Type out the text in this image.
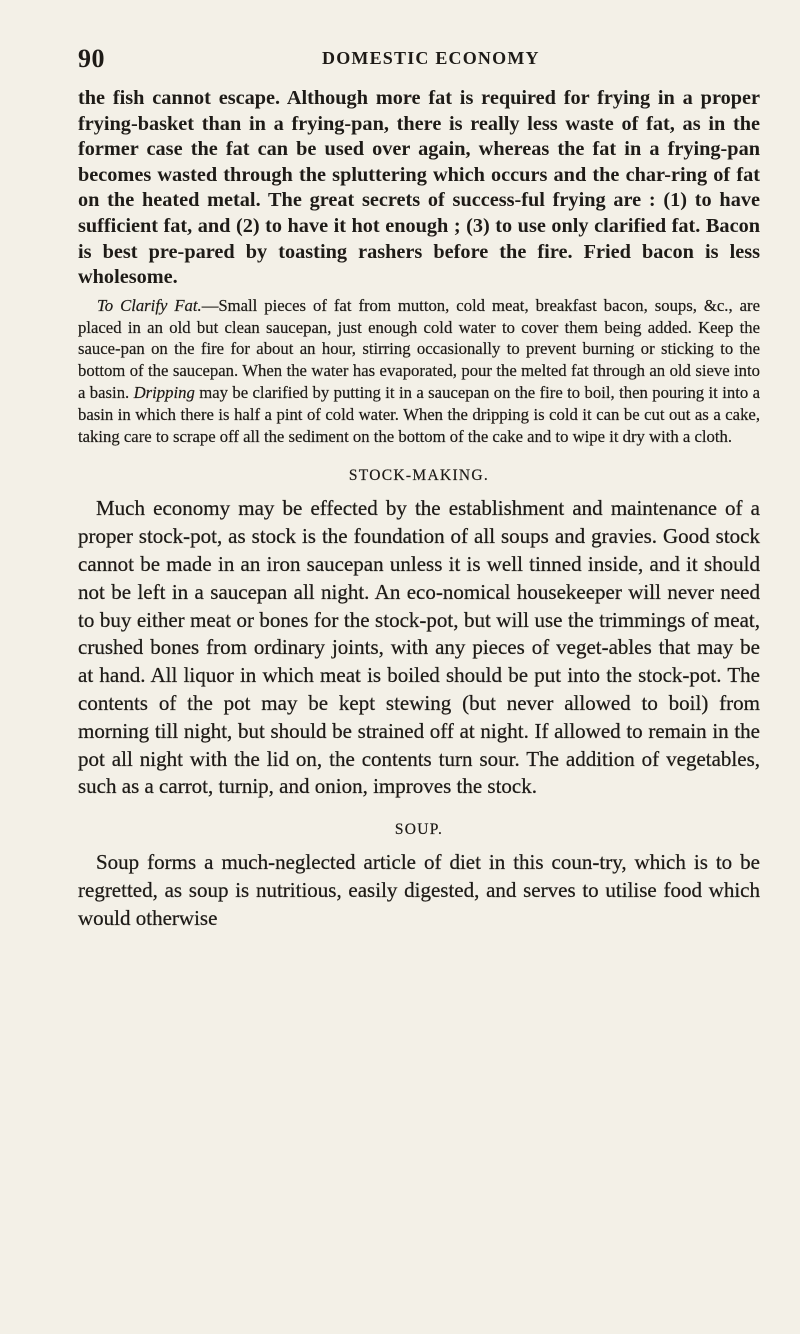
90	DOMESTIC ECONOMY

the fish cannot escape. Although more fat is required for frying in a proper frying-basket than in a frying-pan, there is really less waste of fat, as in the former case the fat can be used over again, whereas the fat in a frying-pan becomes wasted through the spluttering which occurs and the char-ring of fat on the heated metal. The great secrets of success-ful frying are : (1) to have sufficient fat, and (2) to have it hot enough ; (3) to use only clarified fat. Bacon is best pre-pared by toasting rashers before the fire. Fried bacon is less wholesome.

To Clarify Fat.—Small pieces of fat from mutton, cold meat, breakfast bacon, soups, &c., are placed in an old but clean saucepan, just enough cold water to cover them being added. Keep the sauce-pan on the fire for about an hour, stirring occasionally to prevent burning or sticking to the bottom of the saucepan. When the water has evaporated, pour the melted fat through an old sieve into a basin. Dripping may be clarified by putting it in a saucepan on the fire to boil, then pouring it into a basin in which there is half a pint of cold water. When the dripping is cold it can be cut out as a cake, taking care to scrape off all the sediment on the bottom of the cake and to wipe it dry with a cloth.

STOCK-MAKING.

Much economy may be effected by the establishment and maintenance of a proper stock-pot, as stock is the foundation of all soups and gravies. Good stock cannot be made in an iron saucepan unless it is well tinned inside, and it should not be left in a saucepan all night. An eco-nomical housekeeper will never need to buy either meat or bones for the stock-pot, but will use the trimmings of meat, crushed bones from ordinary joints, with any pieces of veget-ables that may be at hand. All liquor in which meat is boiled should be put into the stock-pot. The contents of the pot may be kept stewing (but never allowed to boil) from morning till night, but should be strained off at night. If allowed to remain in the pot all night with the lid on, the contents turn sour. The addition of vegetables, such as a carrot, turnip, and onion, improves the stock.

SOUP.

Soup forms a much-neglected article of diet in this coun-try, which is to be regretted, as soup is nutritious, easily digested, and serves to utilise food which would otherwise
